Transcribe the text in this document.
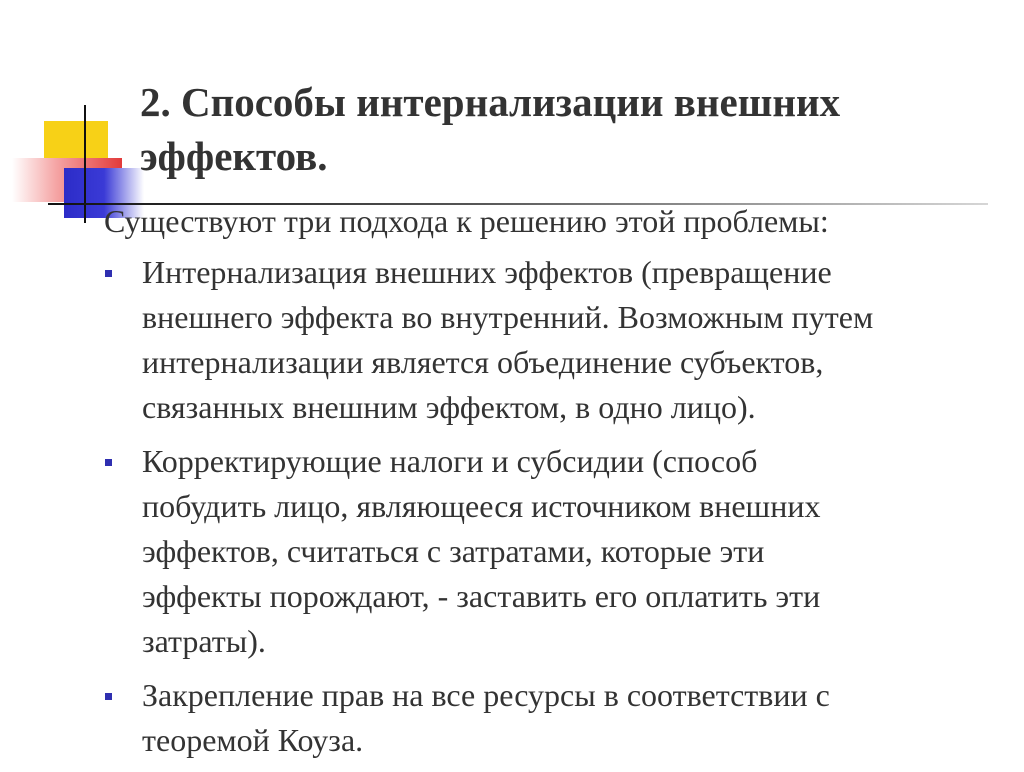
2. Способы интернализации внешних
эффектов.

Существуют три подхода к решению этой проблемы:

Интернализация внешних эффектов (превращение
внешнего эффекта во внутренний. Возможным путем
интернализации является объединение субъектов,
связанных внешним эффектом, в одно лицо).
Корректирующие налоги и субсидии (способ
побудить лицо, являющееся источником внешних
эффектов, считаться с затратами, которые эти
эффекты порождают, - заставить его оплатить эти
затраты).
Закрепление прав на все ресурсы в соответствии с
теоремой Коуза.
